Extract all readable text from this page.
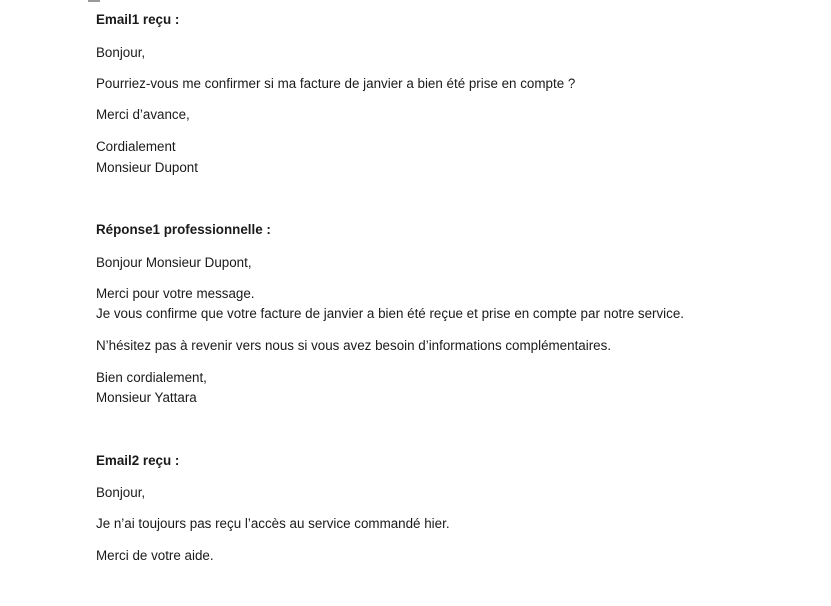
Email1 reçu :
Bonjour,
Pourriez-vous me confirmer si ma facture de janvier a bien été prise en compte ?
Merci d’avance,
Cordialement
Monsieur Dupont
Réponse1 professionnelle :
Bonjour Monsieur Dupont,
Merci pour votre message.
Je vous confirme que votre facture de janvier a bien été reçue et prise en compte par notre service.
N’hésitez pas à revenir vers nous si vous avez besoin d’informations complémentaires.
Bien cordialement,
Monsieur Yattara
Email2 reçu :
Bonjour,
Je n’ai toujours pas reçu l’accès au service commandé hier.
Merci de votre aide.
